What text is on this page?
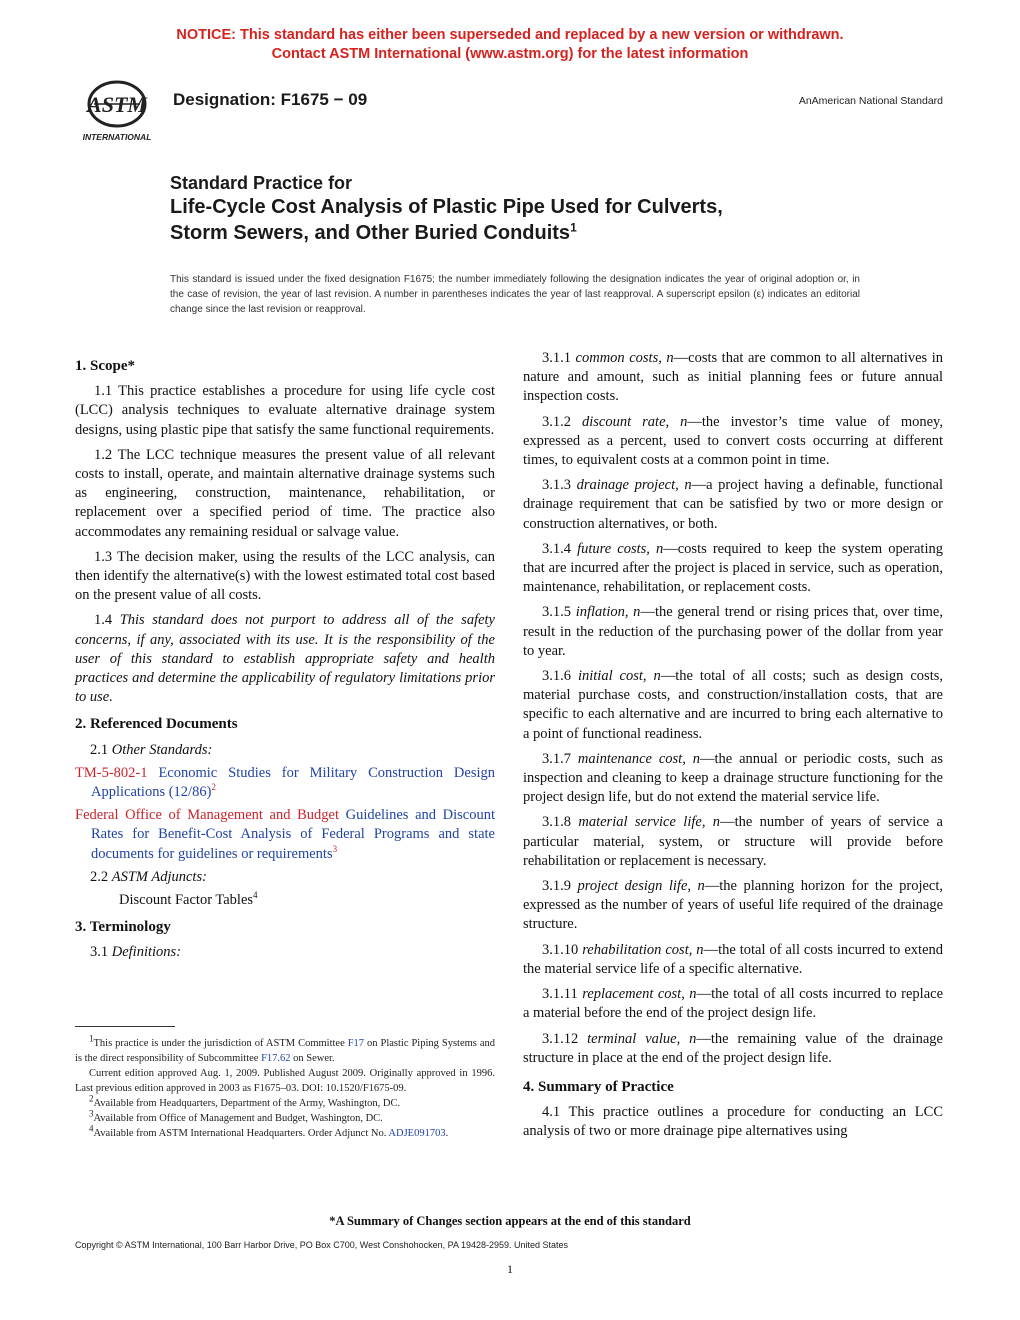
NOTICE: This standard has either been superseded and replaced by a new version or withdrawn.
Contact ASTM International (www.astm.org) for the latest information
ASTM
INTERNATIONAL
Designation: F1675 − 09	AnAmerican National Standard
Standard Practice for
Life-Cycle Cost Analysis of Plastic Pipe Used for Culverts,
Storm Sewers, and Other Buried Conduits$^1$
This standard is issued under the fixed designation F1675; the number immediately following the designation indicates the year of original adoption or, in the case of revision, the year of last revision. A number in parentheses indicates the year of last reapproval. A superscript epsilon (ε) indicates an editorial change since the last revision or reapproval.
1. Scope*

1.1 This practice establishes a procedure for using life cycle cost (LCC) analysis techniques to evaluate alternative drainage system designs, using plastic pipe that satisfy the same functional requirements.

1.2 The LCC technique measures the present value of all relevant costs to install, operate, and maintain alternative drainage systems such as engineering, construction, maintenance, rehabilitation, or replacement over a specified period of time. The practice also accommodates any remaining residual or salvage value.

1.3 The decision maker, using the results of the LCC analysis, can then identify the alternative(s) with the lowest estimated total cost based on the present value of all costs.

1.4 This standard does not purport to address all of the safety concerns, if any, associated with its use. It is the responsibility of the user of this standard to establish appropriate safety and health practices and determine the applicability of regulatory limitations prior to use.

2. Referenced Documents

2.1 Other Standards:

TM-5-802-1 Economic Studies for Military Construction Design Applications $(12/86)^2$

Federal Office of Management and Budget Guidelines and Discount Rates for Benefit-Cost Analysis of Federal Programs and state documents for guidelines or requirements$^3$

2.2 ASTM Adjuncts:

Discount Factor Tables$^4$

3. Terminology

3.1 Definitions:

3.1.1 common costs, n—costs that are common to all alternatives in nature and amount, such as initial planning fees or future annual inspection costs.

3.1.2 discount rate, n—the investor’s time value of money, expressed as a percent, used to convert costs occurring at different times, to equivalent costs at a common point in time.

3.1.3 drainage project, n—a project having a definable, functional drainage requirement that can be satisfied by two or more design or construction alternatives, or both.

3.1.4 future costs, n—costs required to keep the system operating that are incurred after the project is placed in service, such as operation, maintenance, rehabilitation, or replacement costs.

3.1.5 inflation, n—the general trend or rising prices that, over time, result in the reduction of the purchasing power of the dollar from year to year.

3.1.6 initial cost, n—the total of all costs; such as design costs, material purchase costs, and construction/installation costs, that are specific to each alternative and are incurred to bring each alternative to a point of functional readiness.

3.1.7 maintenance cost, n—the annual or periodic costs, such as inspection and cleaning to keep a drainage structure functioning for the project design life, but do not extend the material service life.

3.1.8 material service life, n—the number of years of service a particular material, system, or structure will provide before rehabilitation or replacement is necessary.

3.1.9 project design life, n—the planning horizon for the project, expressed as the number of years of useful life required of the drainage structure.

3.1.10 rehabilitation cost, n—the total of all costs incurred to extend the material service life of a specific alternative.

3.1.11 replacement cost, n—the total of all costs incurred to replace a material before the end of the project design life.

3.1.12 terminal value, n—the remaining value of the drainage structure in place at the end of the project design life.

4. Summary of Practice

4.1 This practice outlines a procedure for conducting an LCC analysis of two or more drainage pipe alternatives using

$^1$This practice is under the jurisdiction of ASTM Committee F17 on Plastic Piping Systems and is the direct responsibility of Subcommittee F17.62 on Sewer.

Current edition approved Aug. 1, 2009. Published August 2009. Originally approved in 1996. Last previous edition approved in 2003 as F1675–03. DOI: 10.1520/F1675-09.

$^2$Available from Headquarters, Department of the Army, Washington, DC.

$^3$Available from Office of Management and Budget, Washington, DC.

$^4$Available from ASTM International Headquarters. Order Adjunct No. ADJE091703.

*A Summary of Changes section appears at the end of this standard
Copyright © ASTM International, 100 Barr Harbor Drive, PO Box C700, West Conshohocken, PA 19428-2959. United States
1
